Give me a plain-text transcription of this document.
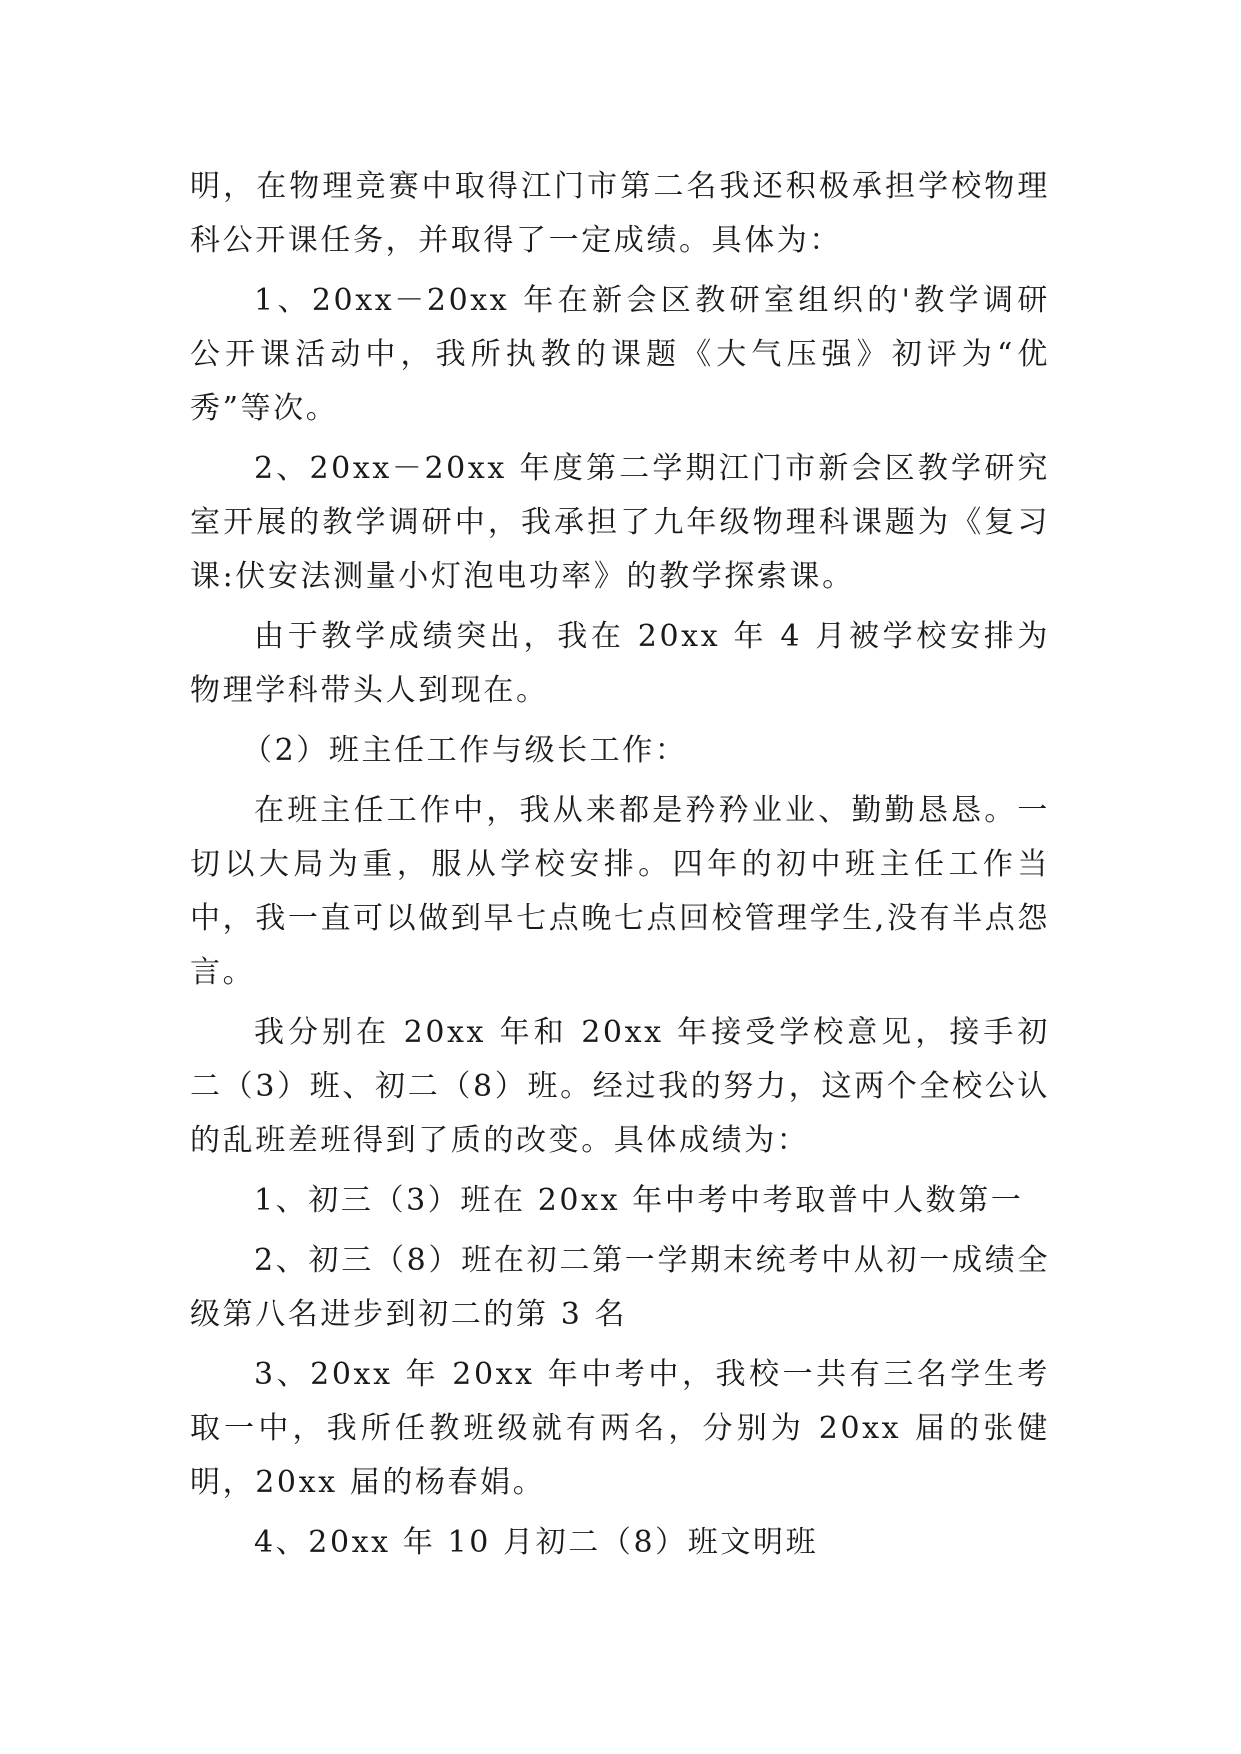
明，在物理竞赛中取得江门市第二名我还积极承担学校物理科公开课任务，并取得了一定成绩。具体为：

1、20xx－20xx 年在新会区教研室组织的'教学调研公开课活动中，我所执教的课题《大气压强》初评为“优秀”等次。

2、20xx－20xx 年度第二学期江门市新会区教学研究室开展的教学调研中，我承担了九年级物理科课题为《复习课:伏安法测量小灯泡电功率》的教学探索课。

由于教学成绩突出，我在 20xx 年 4 月被学校安排为物理学科带头人到现在。

（2）班主任工作与级长工作：

在班主任工作中，我从来都是矜矜业业、勤勤恳恳。一切以大局为重，服从学校安排。四年的初中班主任工作当中，我一直可以做到早七点晚七点回校管理学生,没有半点怨言。

我分别在 20xx 年和 20xx 年接受学校意见，接手初二（3）班、初二（8）班。经过我的努力，这两个全校公认的乱班差班得到了质的改变。具体成绩为：

1、初三（3）班在 20xx 年中考中考取普中人数第一

2、初三（8）班在初二第一学期末统考中从初一成绩全级第八名进步到初二的第 3 名

3、20xx 年 20xx 年中考中，我校一共有三名学生考取一中，我所任教班级就有两名，分别为 20xx 届的张健明，20xx 届的杨春娟。

4、20xx 年 10 月初二（8）班文明班
